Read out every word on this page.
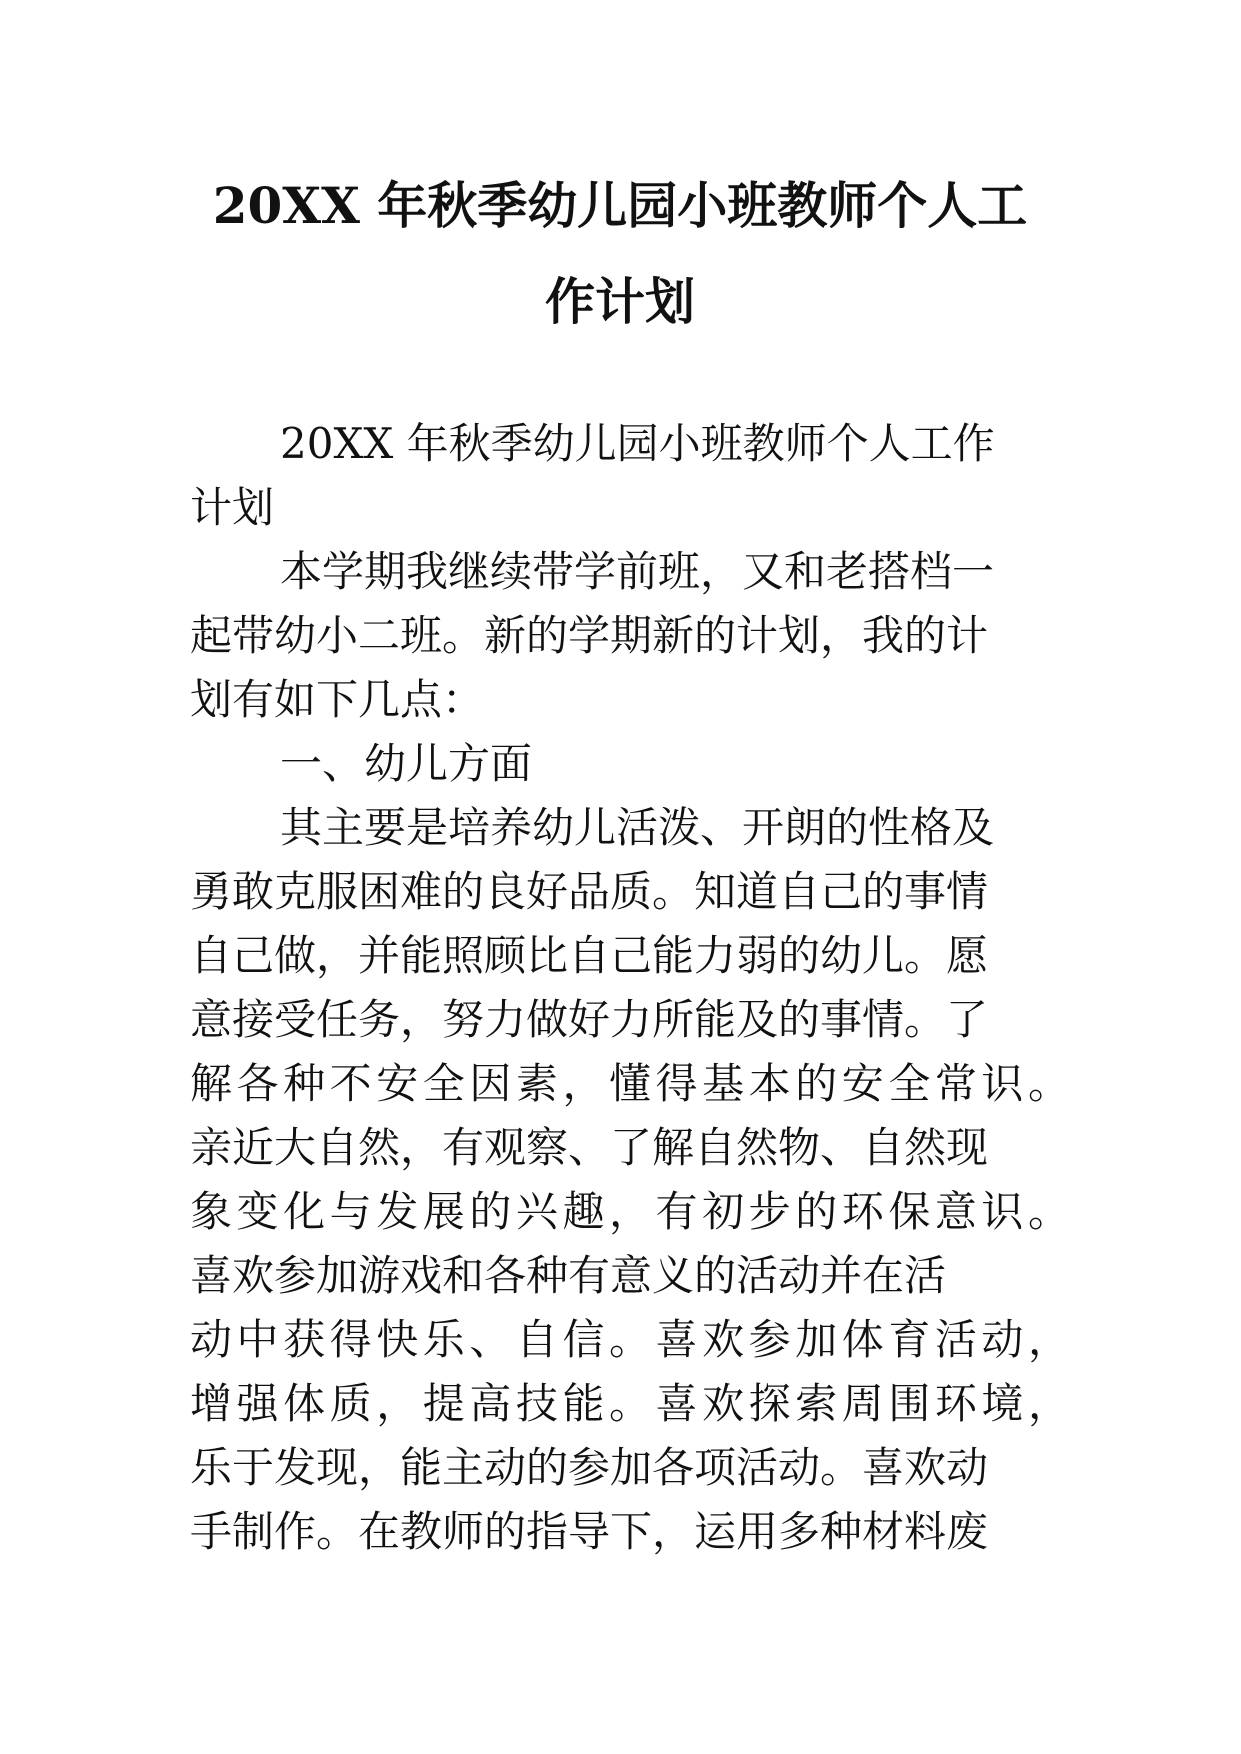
20XX 年秋季幼儿园小班教师个人工
作计划
20XX 年秋季幼儿园小班教师个人工作
计划
本学期我继续带学前班，又和老搭档一
起带幼小二班。新的学期新的计划，我的计
划有如下几点：
一、幼儿方面
其主要是培养幼儿活泼、开朗的性格及
勇敢克服困难的良好品质。知道自己的事情
自己做，并能照顾比自己能力弱的幼儿。愿
意接受任务，努力做好力所能及的事情。了
解各种不安全因素，懂得基本的安全常识。
亲近大自然，有观察、了解自然物、自然现
象变化与发展的兴趣，有初步的环保意识。
喜欢参加游戏和各种有意义的活动并在活
动中获得快乐、自信。喜欢参加体育活动，
增强体质，提高技能。喜欢探索周围环境，
乐于发现，能主动的参加各项活动。喜欢动
手制作。在教师的指导下，运用多种材料废
